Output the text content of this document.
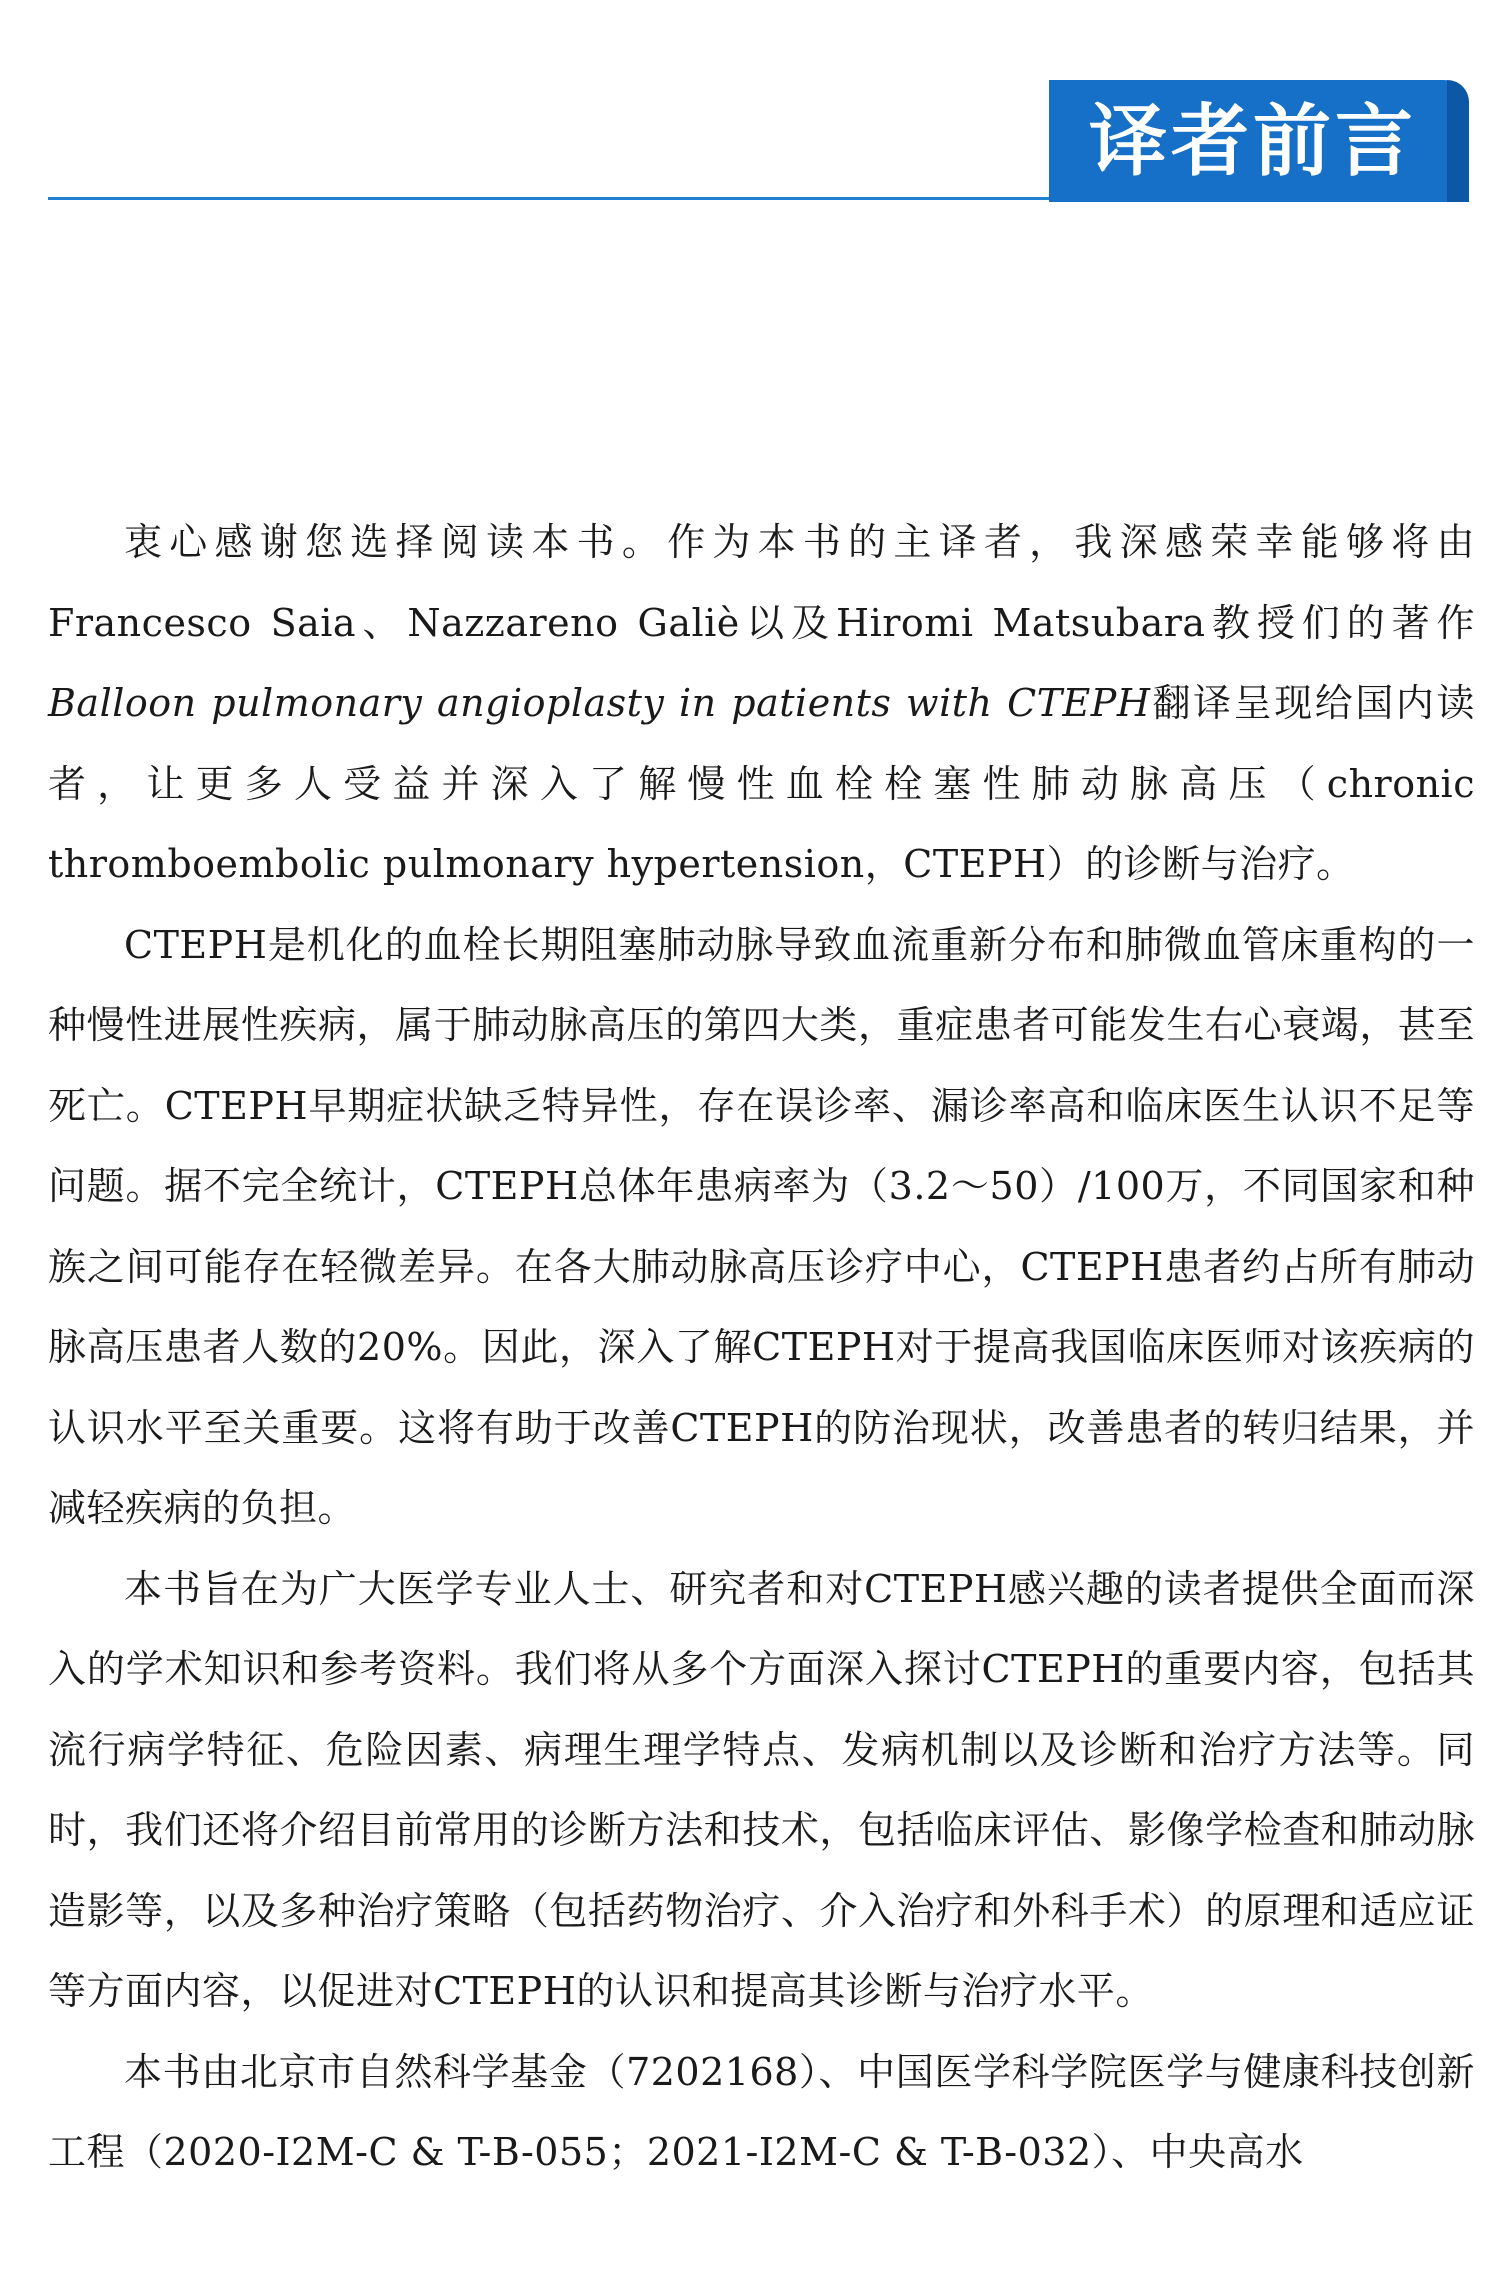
译者前言

衷心感谢您选择阅读本书。作为本书的主译者，我深感荣幸能够将由Francesco Saia、Nazzareno Galiè以及Hiromi Matsubara教授们的著作Balloon pulmonary angioplasty in patients with CTEPH翻译呈现给国内读者，让更多人受益并深入了解慢性血栓栓塞性肺动脉高压（chronic thromboembolic pulmonary hypertension，CTEPH）的诊断与治疗。

CTEPH是机化的血栓长期阻塞肺动脉导致血流重新分布和肺微血管床重构的一种慢性进展性疾病，属于肺动脉高压的第四大类，重症患者可能发生右心衰竭，甚至死亡。CTEPH早期症状缺乏特异性，存在误诊率、漏诊率高和临床医生认识不足等问题。据不完全统计，CTEPH总体年患病率为（3.2～50）/100万，不同国家和种族之间可能存在轻微差异。在各大肺动脉高压诊疗中心，CTEPH患者约占所有肺动脉高压患者人数的20%。因此，深入了解CTEPH对于提高我国临床医师对该疾病的认识水平至关重要。这将有助于改善CTEPH的防治现状，改善患者的转归结果，并减轻疾病的负担。

本书旨在为广大医学专业人士、研究者和对CTEPH感兴趣的读者提供全面而深入的学术知识和参考资料。我们将从多个方面深入探讨CTEPH的重要内容，包括其流行病学特征、危险因素、病理生理学特点、发病机制以及诊断和治疗方法等。同时，我们还将介绍目前常用的诊断方法和技术，包括临床评估、影像学检查和肺动脉造影等，以及多种治疗策略（包括药物治疗、介入治疗和外科手术）的原理和适应证等方面内容，以促进对CTEPH的认识和提高其诊断与治疗水平。

本书由北京市自然科学基金（7202168）、中国医学科学院医学与健康科技创新工程（2020-I2M-C & T-B-055；2021-I2M-C & T-B-032）、中央高水
